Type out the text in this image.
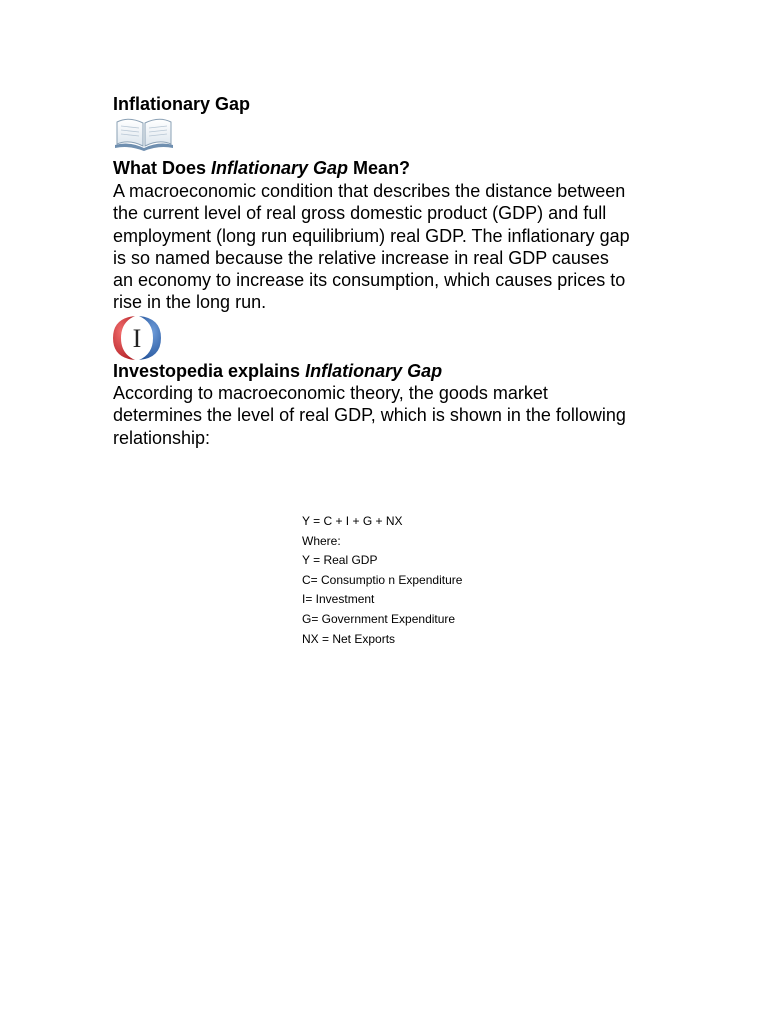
Inflationary Gap
What Does Inflationary Gap Mean?
A macroeconomic condition that describes the distance between
the current level of real gross domestic product (GDP) and full
employment (long run equilibrium) real GDP. The inflationary gap
is so named because the relative increase in real GDP causes
an economy to increase its consumption, which causes prices to
rise in the long run.
I
Investopedia explains Inflationary Gap
According to macroeconomic theory, the goods market
determines the level of real GDP, which is shown in the following
relationship:
Y = C + I + G + NX
Where:
Y = Real GDP
C= Consumptio n Expenditure
I= Investment
G= Government Expenditure
NX = Net Exports
